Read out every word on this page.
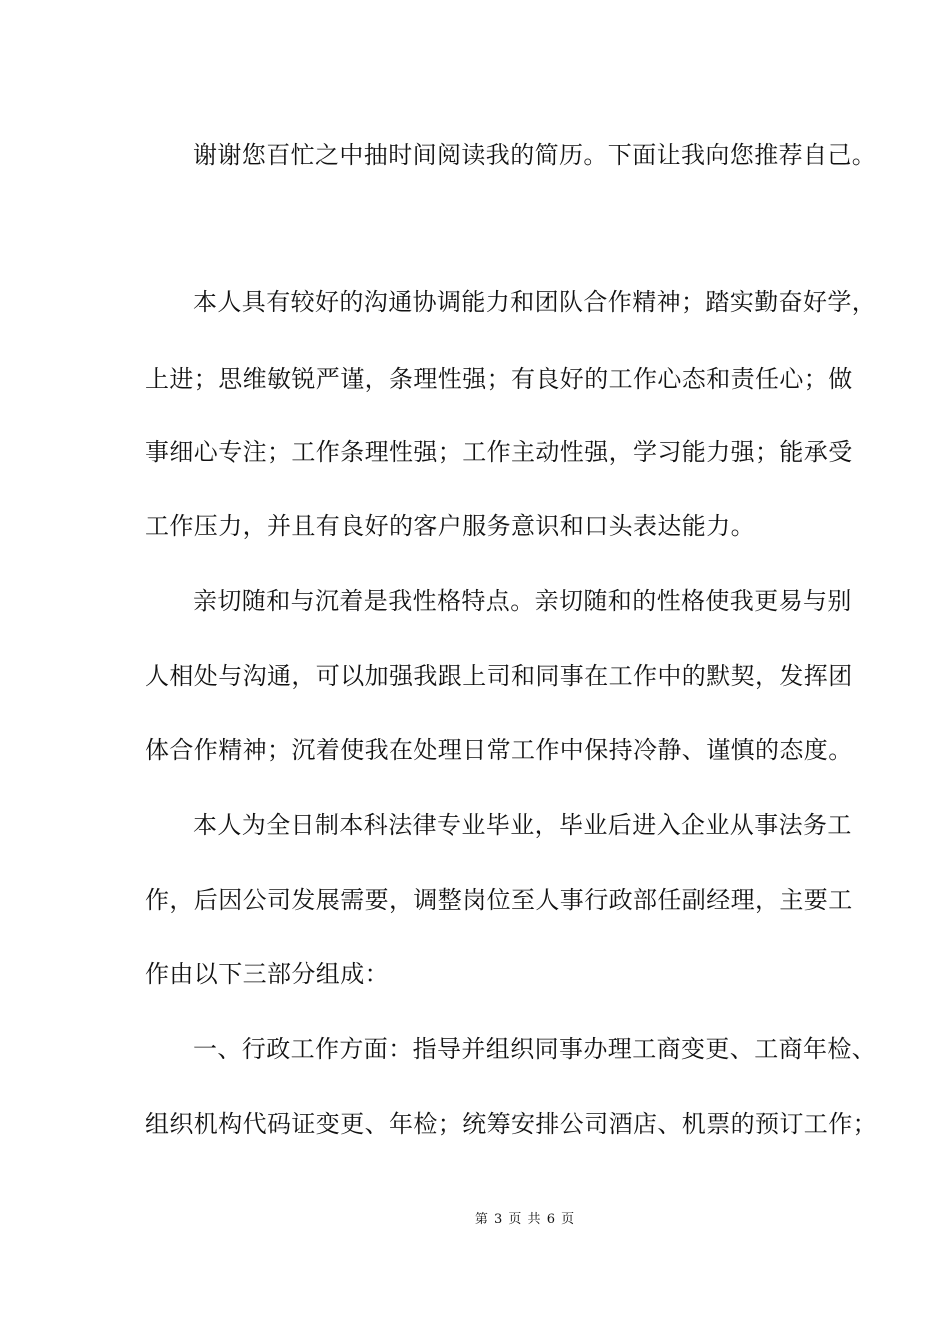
谢谢您百忙之中抽时间阅读我的简历。下面让我向您推荐自己。
本人具有较好的沟通协调能力和团队合作精神；踏实勤奋好学，
上进；思维敏锐严谨，条理性强；有良好的工作心态和责任心；做
事细心专注；工作条理性强；工作主动性强，学习能力强；能承受
工作压力，并且有良好的客户服务意识和口头表达能力。
亲切随和与沉着是我性格特点。亲切随和的性格使我更易与别
人相处与沟通，可以加强我跟上司和同事在工作中的默契，发挥团
体合作精神；沉着使我在处理日常工作中保持冷静、谨慎的态度。
本人为全日制本科法律专业毕业，毕业后进入企业从事法务工
作，后因公司发展需要，调整岗位至人事行政部任副经理，主要工
作由以下三部分组成：
一、行政工作方面：指导并组织同事办理工商变更、工商年检、
组织机构代码证变更、年检；统筹安排公司酒店、机票的预订工作；
第 3 页 共 6 页
